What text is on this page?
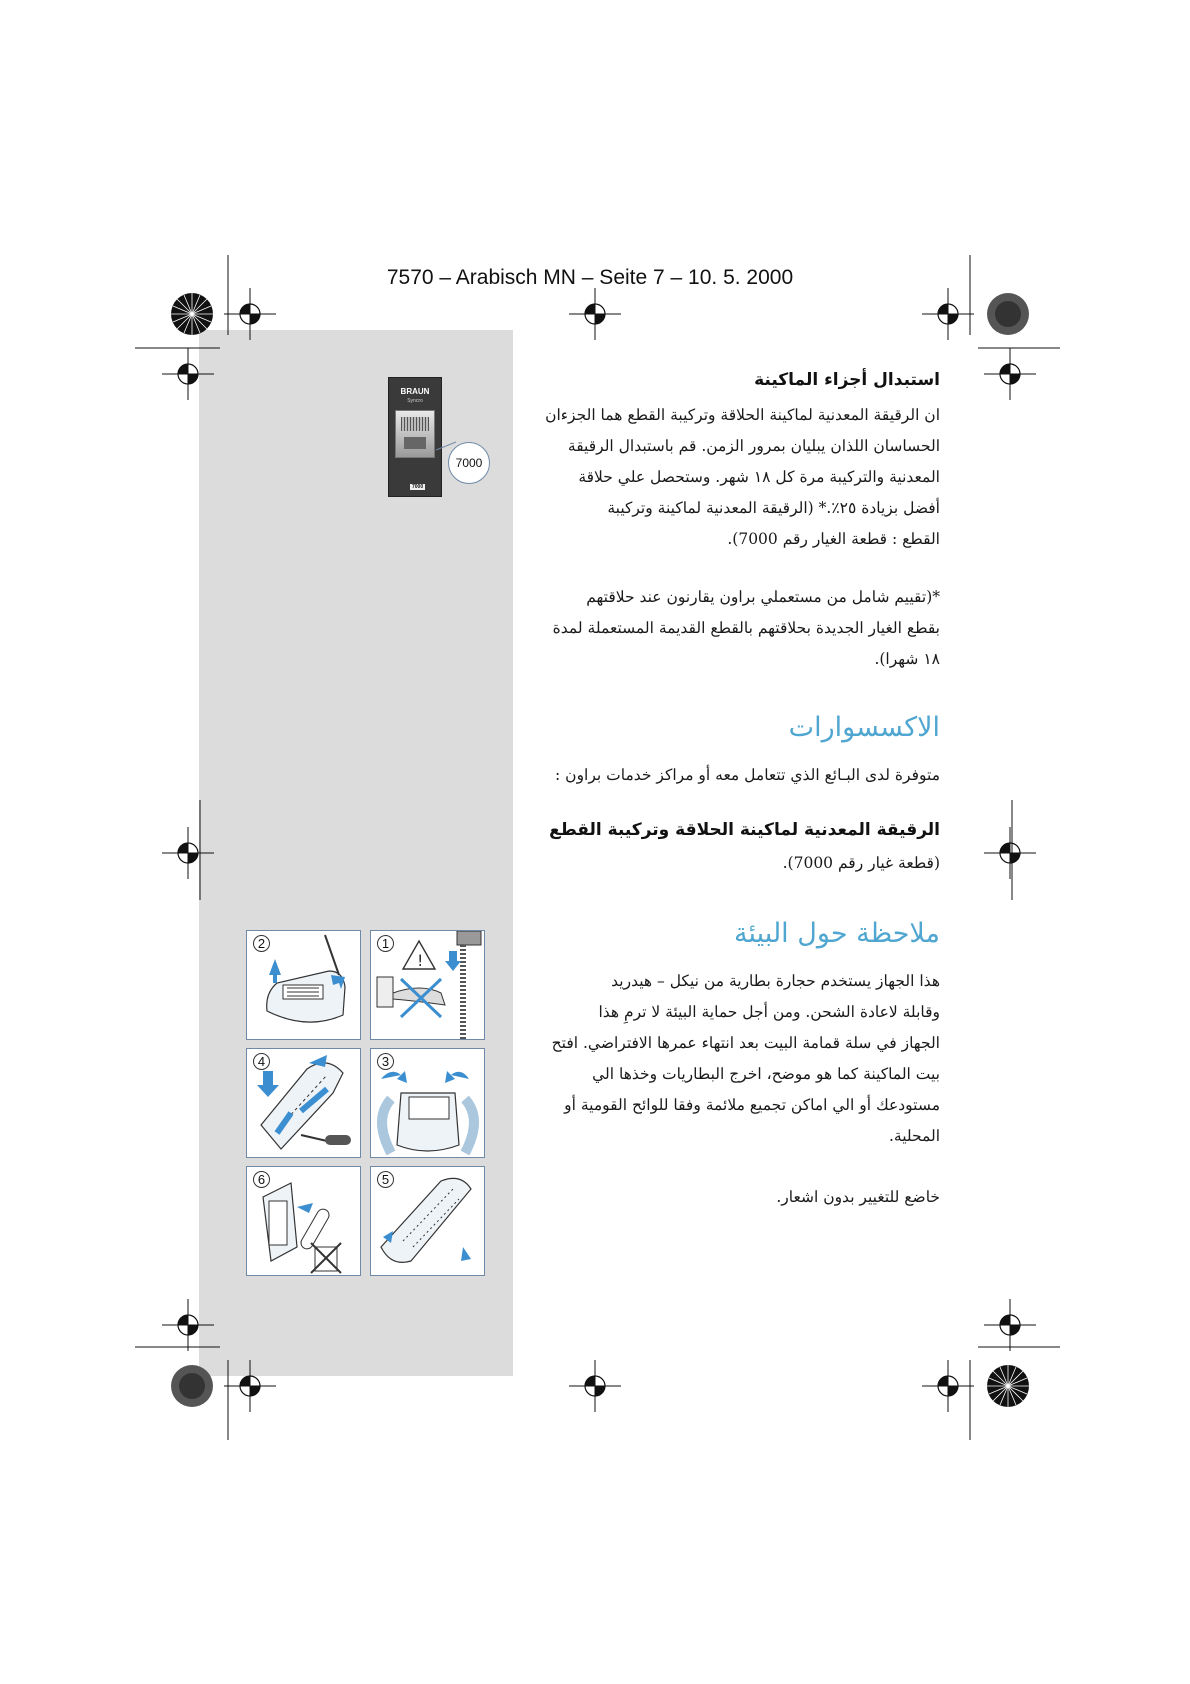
7570 – Arabisch MN – Seite 7 – 10. 5. 2000
BRAUN
Syncro
7000
7000
استبدال أجزاء الماكينة
ان الرقيقة المعدنية لماكينة الحلاقة وتركيبة القطع هما الجزءان
الحساسان اللذان يبليان بمرور الزمن. قم باستبدال الرقيقة
المعدنية والتركيبة مرة كل ١٨ شهر. وستحصل علي حلاقة
أفضل بزيادة ٢٥٪.* (الرقيقة المعدنية لماكينة وتركيبة
القطع : قطعة الغيار رقم 7000).
*(تقييم شامل من مستعملي براون يقارنون عند حلاقتهم
بقطع الغيار الجديدة بحلاقتهم بالقطع القديمة المستعملة لمدة
١٨ شهرا).
الاكسسوارات
متوفرة لدى البـائع الذي تتعامل معه أو مراكز خدمات براون :
الرقيقة المعدنية لماكينة الحلاقة وتركيبة القطع
(قطعة غيار رقم 7000).
ملاحظة حول البيئة
هذا الجهاز يستخدم حجارة بطارية من نيكل – هيدريد
وقابلة لاعادة الشحن. ومن أجل حماية البيئة لا ترمِ هذا
الجهاز في سلة قمامة البيت بعد انتهاء عمرها الافتراضي. افتح
بيت الماكينة كما هو موضح، اخرج البطاريات وخذها الي
مستودعك أو الي اماكن تجميع ملائمة وفقا للوائح القومية أو
المحلية.
خاضع للتغيير بدون اشعار.
2	1
!
4	3
6	5
